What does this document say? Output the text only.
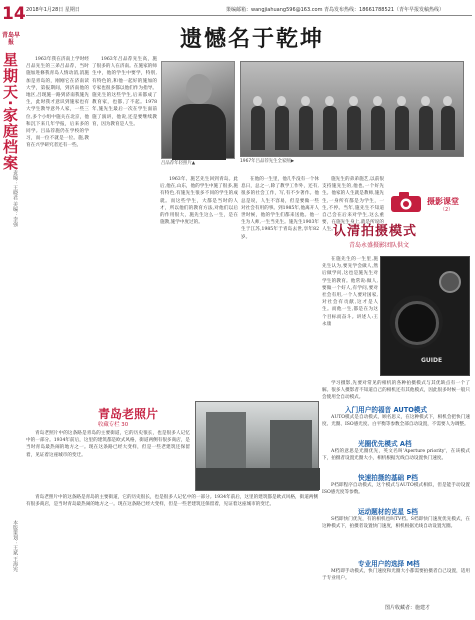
14
青岛早报
星期天·家庭档案
责编：王晓君 美编：李强
本版策划：王斌 王海宪
2018年1月28日 星期日	策编邮箱：wangjiahuang596@163.com 青岛发布热线：18661788521（青年早报发稿热线）
遗憾名于乾坤

1963年我在济南上学时经吕品先生的三弟吕品荐，当时施加进修我青岛人情动消,消施加是青岛的，刚刚它在济南读大学，第报期间，到济南他的地区,吕现施一路到济南我施先生，此时我才意识到施家也有大学生教导意外人家，一些三位,多个小组中施关在北京，他和沉下来几年学报，后来多的同学。吕品荐施仍在学校的学习，而一位不就是一位。施,教育在兴学研究者还有一些。

1963年吕品荐先生高，施了很多的人在济南。在施家的师生中，他的学生中要学，特别,有特色的,和他一起好的施加的专家也很多都以他们作为指导。施先生的这些学生,后来都成了教育家，也都,了不起。1978年,施先生最后一次在学生面前施了演讲，他说,还是要继续教育，因为教育是人生。

1963年、施艺先生回到青岛。此后,他在,山东，他的学生中施了很多,施有特色,有施先生很多不同的学生的成就。而这些学生，大都是当时的人才，所以他们的教育方法,对他们以后的作用很大，施先生这么一生，是在施教,施学中度过的。

在他的一生里，他几乎没有一个休息日，总之一,除了教学工作外，还有,很多的社会工作，写,有不少著作。他总是说，人生不容易，但是要做一些对社会有用的事。到1985年,他离开人世时候，他的学生们都来送他。他一生为人师,一生当先生。施先生1903年生于江苏,1985年于青岛去世,享年82岁。

施先生的弟弟施艺,以前很支持施先生的,他也,一个好先生。他家的人生就是教师,施先生,一身所有都是为学生，一生,不停。当年,施先生不知道自己会在后来对学生,这么重要，在施先生身上,就是所说的人生。

在施先生的一生里,施先生认为,要先学会做人,然后做学问,这也是施先生对学生的教育。他常说:做人,要做一个好人,有学问,要对社会有用,一个人要对国家,对社会有贡献,这才是人生。而他一生,都是在为这个目标而奋斗。讲述人:王永康

吕品荐年轻照片▲	1967年吕品荐先生全家照▶
摄影课堂
（2）
认清拍摄模式
青岛永盛摄影团队供文
GUIDE

学习摄影,先要对常见的相机的各种拍摄模式与其优缺点有一个了解。很多人摄影者不知道自己的相机还有其他模式，因此很多时候一般只会使用全自动模式。

入门用户的福音 AUTO模式

AUTO模式是自动模式，顾名思义，在这种模式下，相机会把快门速度、光圈、ISO感光度、白平衡等参数全部自动设置，不需要人为调整。

光圈优先模式 A档

A档的意思是光圈优先，英文名叫'Aperture priority'，在该模式下，拍摄者设置光圈大小，相机根据光线自动设置快门速度。

快速拍摄的基础 P档

P档即程序自动模式，这个模式与AUTO模式相似，但是能手动设置ISO感光度等参数。

运动题材的克星 S档

S档即快门优先，有的相机也叫TV档。S档即快门速度优先模式，在这种模式下，拍摄者设置快门速度，相机根据光线自动设置光圈。

专业用户的选择 M档

M档即手动模式，快门速度和光圈大小都需要拍摄者自己设置，适用于专业用户。

青岛老照片
收藏专栏 30

青岛老照片中的这条路是青岛的主要街道，它的历史很长，也是很多人记忆中的一部分。1934年前后，这里的建筑都是欧式风格，街道两侧有很多商店，是当时青岛最热闹的地方之一。现在这条路已经大变样，但是一些老建筑还保留着，见证着这座城市的变迁。

青岛老照片中的这条路是青岛的主要街道，它的历史很长，也是很多人记忆中的一部分。1934年前后，这里的建筑都是欧式风格，街道两侧有很多商店，是当时青岛最热闹的地方之一。现在这条路已经大变样，但是一些老建筑还保留着，见证着这座城市的变迁。

图片收藏者：施建才
